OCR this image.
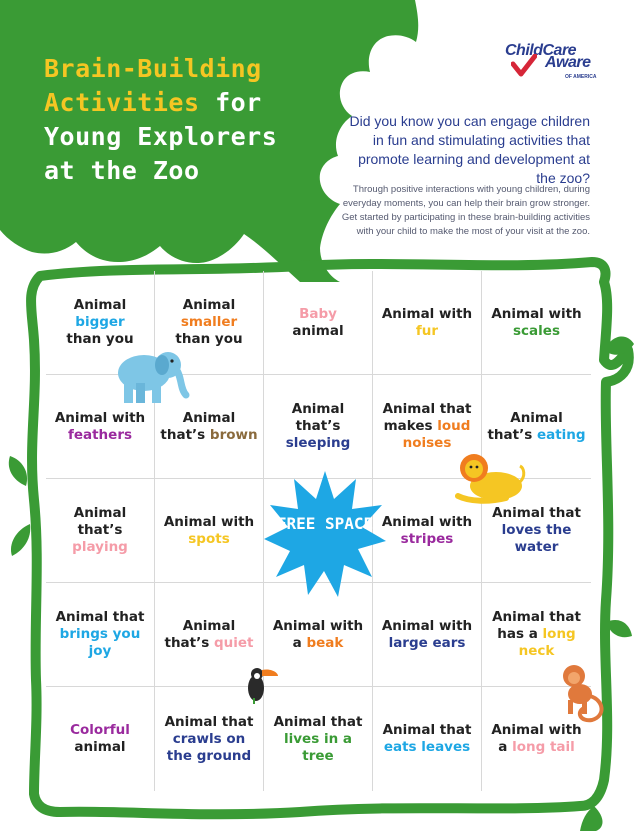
Brain-Building
Activities for
Young Explorers
at the Zoo
ChildCare
Aware
OF AMERICA

Did you know you can engage children in fun and stimulating activities that promote learning and development at the zoo?

Through positive interactions with young children, during everyday moments, you can help their brain grow stronger. Get started by participating in these brain-building activities with your child to make the most of your visit at the zoo.

Animal bigger
than you

Animal smaller
than you

Baby
animal

Animal with fur

Animal with scales

Animal with feathers

Animal that’s brown

Animal that’s sleeping

Animal that makes loud noises

Animal that’s eating

Animal that’s playing

Animal with spots

Animal with stripes

Animal that loves the water

Animal that brings you joy

Animal that’s quiet

Animal with a beak

Animal with large ears

Animal that has a long neck

Colorful
animal

Animal that crawls on the ground

Animal that lives in a tree

Animal that eats leaves

Animal with a long tail

FREE SPACE
